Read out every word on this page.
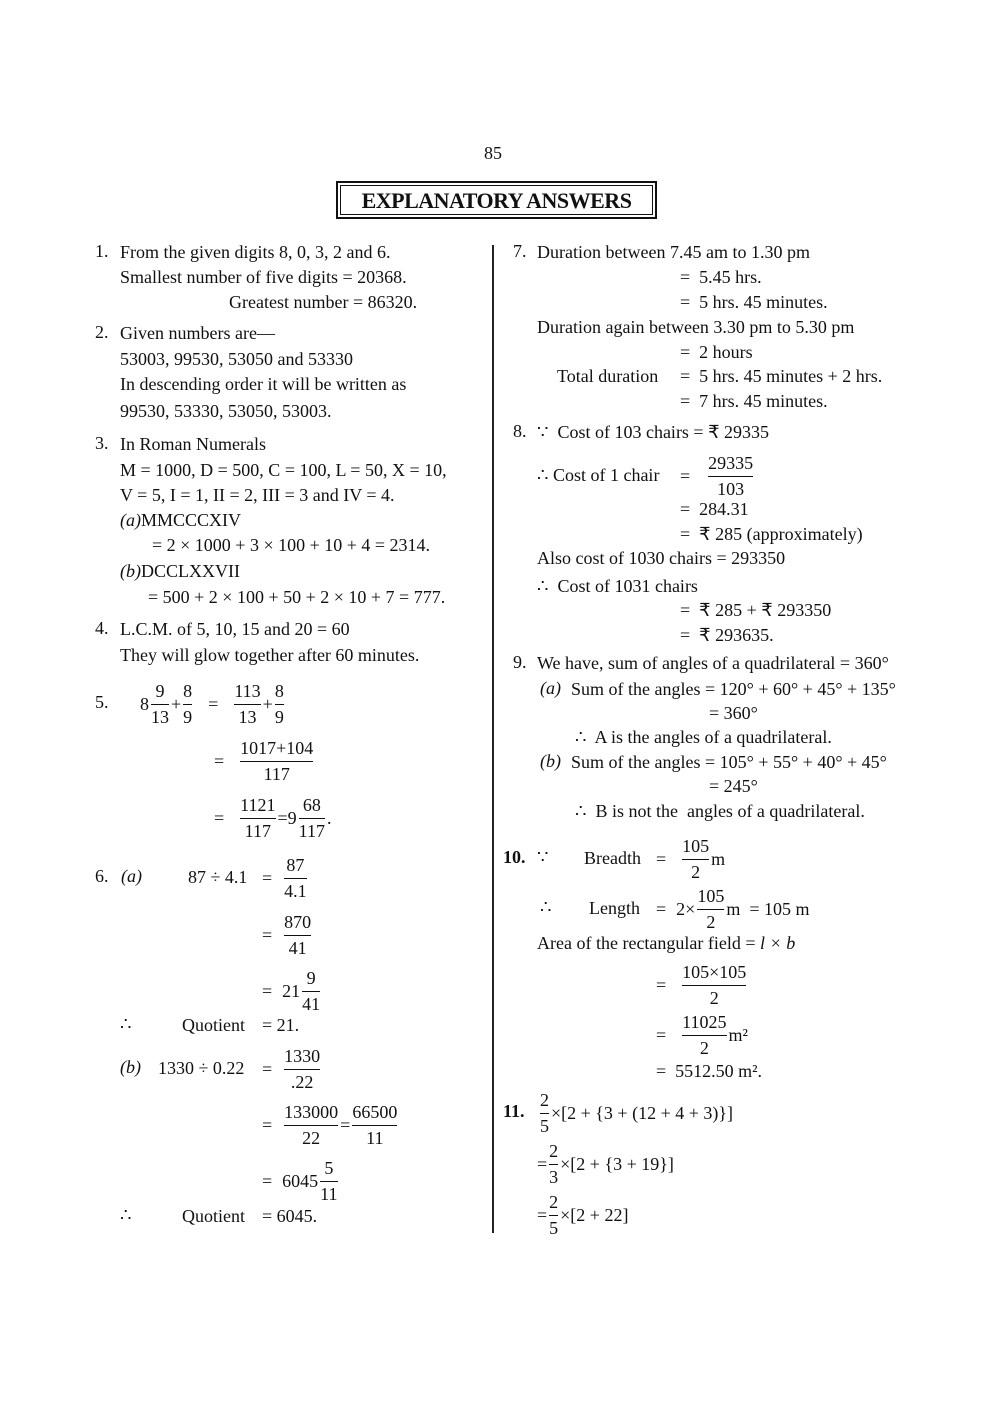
85
EXPLANATORY ANSWERS
1. From the given digits 8, 0, 3, 2 and 6.
Smallest number of five digits = 20368.
Greatest number = 86320.
2. Given numbers are—
53003, 99530, 53050 and 53330
In descending order it will be written as
99530, 53330, 53050, 53003.
3. In Roman Numerals
M = 1000, D = 500, C = 100, L = 50, X = 10,
V = 5, I = 1, II = 2, III = 3 and IV = 4.
(a) MMCCCXIV
= 2 × 1000 + 3 × 100 + 10 + 4 = 2314.
(b) DCCLXXVII
= 500 + 2 × 100 + 50 + 2 × 10 + 7 = 777.
4. L.C.M. of 5, 10, 15 and 20 = 60
They will glow together after 60 minutes.
5. $8 \frac{9}{13} + \frac{8}{9} = \frac{113}{13} + \frac{8}{9}$
= $\frac{1017+104}{117}$
= $\frac{1121}{117} = 9 \frac{68}{117}$ .
6. (a)	$87 \div 4.1 = \frac{87}{4.1}$
= $\frac{870}{41}$
= $21 \frac{9}{41}$
∴	Quotient = 21.
(b) $1330 \div 0.22 = \frac{1330}{.22}$
= $\frac{133000}{22} = \frac{66500}{11}$
= $6045 \frac{5}{11}$
∴	Quotient = 6045.
7. Duration between 7.45 am to 1.30 pm
=  5.45 hrs.
=  5 hrs. 45 minutes.
Duration again between 3.30 pm to 5.30 pm
=  2 hours
Total duration =  5 hrs. 45 minutes + 2 hrs.
=  7 hrs. 45 minutes.
8. ∵  Cost of 103 chairs = ₹ 29335
∴ Cost of 1 chair = $\frac{29335}{103}$
=  284.31
=  ₹ 285 (approximately)
Also cost of 1030 chairs = 293350
∴  Cost of 1031 chairs
=  ₹ 285 + ₹ 293350
=  ₹ 293635.
9. We have, sum of angles of a quadrilateral = 360°
(a) Sum of the angles = 120° + 60° + 45° + 135°
= 360°
∴  A is the angles of a quadrilateral.
(b) Sum of the angles = 105° + 55° + 40° + 45°
= 245°
∴  B is not the  angles of a quadrilateral.
10. ∵ Breadth = $\frac{105}{2}$ m
∴ Length = $2\times \frac{105}{2}$ m  = 105 m
Area of the rectangular field = l × b
= $\frac{105\times 105}{2}$
= $\frac{11025}{2} m^2$
=  5512.50 m².
11. $\frac{2}{5} \times[2 + \{3 + (12 + 4 + 3)\}]$
= $\frac{2}{3} \times[2 + \{3 + 19\}]$
= $\frac{2}{5} \times[2 + 22]$
